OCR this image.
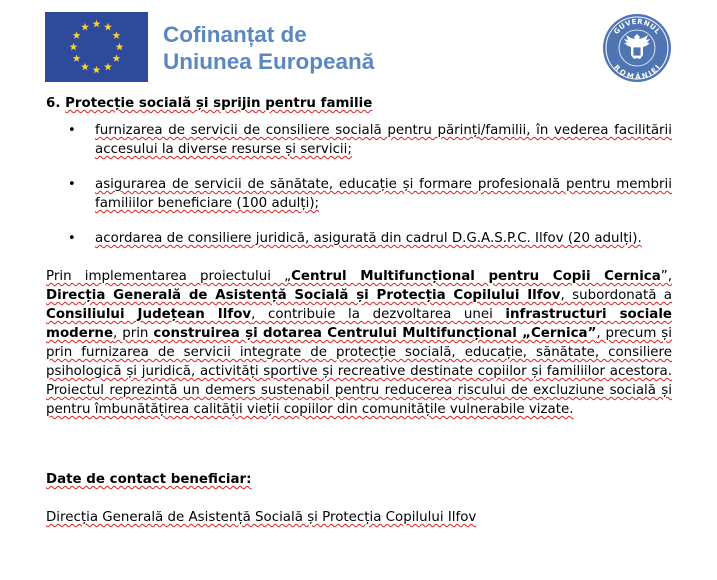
Cofinanțat de
Uniunea Europeană
GUVERNUL
ROMÂNIEI
6. Protecție socială și sprijin pentru familie
• furnizarea de servicii de consiliere socială pentru părinți/familii, în vederea facilitării accesului la diverse resurse și servicii;
• asigurarea de servicii de sănătate, educație și formare profesională pentru membrii familiilor beneficiare (100 adulți);
• acordarea de consiliere juridică, asigurată din cadrul D.G.A.S.P.C. Ilfov (20 adulți).

Prin implementarea proiectului „Centrul Multifuncțional pentru Copii Cernica”, Direcția Generală de Asistență Socială și Protecția Copilului Ilfov, subordonată a Consiliului Județean Ilfov, contribuie la dezvoltarea unei infrastructuri sociale moderne, prin construirea și dotarea Centrului Multifuncțional „Cernica”, precum și prin furnizarea de servicii integrate de protecție socială, educație, sănătate, consiliere psihologică și juridică, activități sportive și recreative destinate copiilor și familiilor acestora. Proiectul reprezintă un demers sustenabil pentru reducerea riscului de excluziune socială și pentru îmbunătățirea calității vieții copiilor din comunitățile vulnerabile vizate.

Date de contact beneficiar:
Direcția Generală de Asistență Socială și Protecția Copilului Ilfov
